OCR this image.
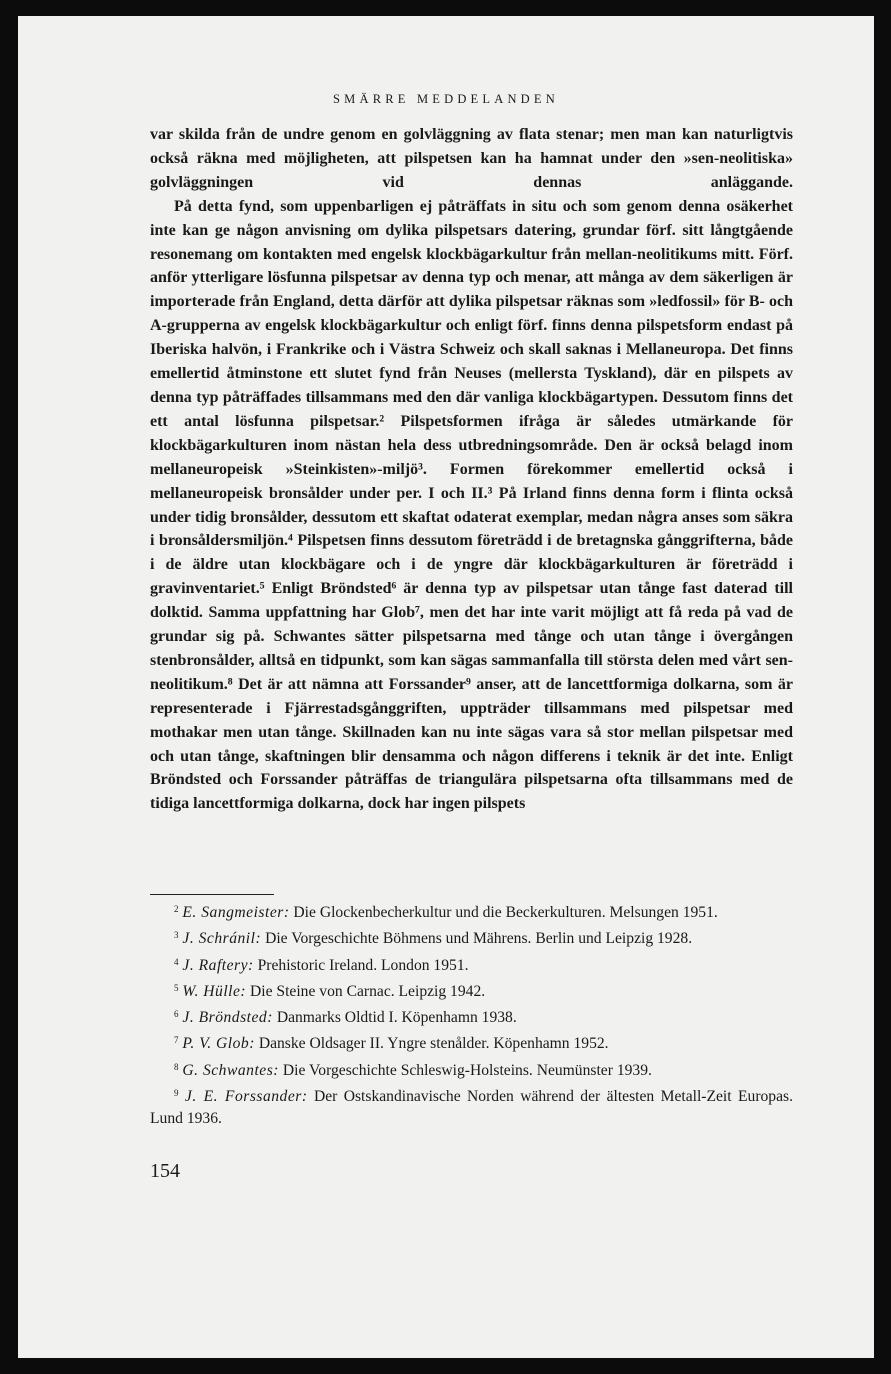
SMÄRRE MEDDELANDEN

var skilda från de undre genom en golvläggning av flata stenar; men man kan naturligtvis också räkna med möjligheten, att pilspetsen kan ha hamnat under den »sen-neolitiska» golvläggningen vid dennas anläggande.

På detta fynd, som uppenbarligen ej påträffats in situ och som genom denna osäkerhet inte kan ge någon anvisning om dylika pilspetsars datering, grundar förf. sitt långtgående resonemang om kontakten med engelsk klockbägarkultur från mellan-neolitikums mitt. Förf. anför ytterligare lösfunna pilspetsar av denna typ och menar, att många av dem säkerligen är importerade från England, detta därför att dylika pilspetsar räknas som »ledfossil» för B- och A-grupperna av engelsk klockbägarkultur och enligt förf. finns denna pilspetsform endast på Iberiska halvön, i Frankrike och i Västra Schweiz och skall saknas i Mellaneuropa. Det finns emellertid åtminstone ett slutet fynd från Neuses (mellersta Tyskland), där en pilspets av denna typ påträffades tillsammans med den där vanliga klockbägartypen. Dessutom finns det ett antal lösfunna pilspetsar.² Pilspetsformen ifråga är således utmärkande för klockbägarkulturen inom nästan hela dess utbredningsområde. Den är också belagd inom mellaneuropeisk »Steinkisten»-miljö³. Formen förekommer emellertid också i mellaneuropeisk bronsålder under per. I och II.³ På Irland finns denna form i flinta också under tidig bronsålder, dessutom ett skaftat odaterat exemplar, medan några anses som säkra i bronsåldersmiljön.⁴ Pilspetsen finns dessutom företrädd i de bretagnska gånggrifterna, både i de äldre utan klockbägare och i de yngre där klockbägarkulturen är företrädd i gravinventariet.⁵ Enligt Bröndsted⁶ är denna typ av pilspetsar utan tånge fast daterad till dolktid. Samma uppfattning har Glob⁷, men det har inte varit möjligt att få reda på vad de grundar sig på. Schwantes sätter pilspetsarna med tånge och utan tånge i övergången stenbronsålder, alltså en tidpunkt, som kan sägas sammanfalla till största delen med vårt sen-neolitikum.⁸ Det är att nämna att Forssander⁹ anser, att de lancettformiga dolkarna, som är representerade i Fjärrestadsgånggriften, uppträder tillsammans med pilspetsar med mothakar men utan tånge. Skillnaden kan nu inte sägas vara så stor mellan pilspetsar med och utan tånge, skaftningen blir densamma och någon differens i teknik är det inte. Enligt Bröndsted och Forssander påträffas de triangulära pilspetsarna ofta tillsammans med de tidiga lancettformiga dolkarna, dock har ingen pilspets

$^2$ E. Sangmeister: Die Glockenbecherkultur und die Beckerkulturen. Melsungen 1951.

$^3$ J. Schránil: Die Vorgeschichte Böhmens und Mährens. Berlin und Leipzig 1928.

$^4$ J. Raftery: Prehistoric Ireland. London 1951.

$^5$ W. Hülle: Die Steine von Carnac. Leipzig 1942.

$^6$ J. Bröndsted: Danmarks Oldtid I. Köpenhamn 1938.

$^7$ P. V. Glob: Danske Oldsager II. Yngre stenålder. Köpenhamn 1952.

$^8$ G. Schwantes: Die Vorgeschichte Schleswig-Holsteins. Neumünster 1939.

$^9$ J. E. Forssander: Der Ostskandinavische Norden während der ältesten Metall-Zeit Europas. Lund 1936.

154
